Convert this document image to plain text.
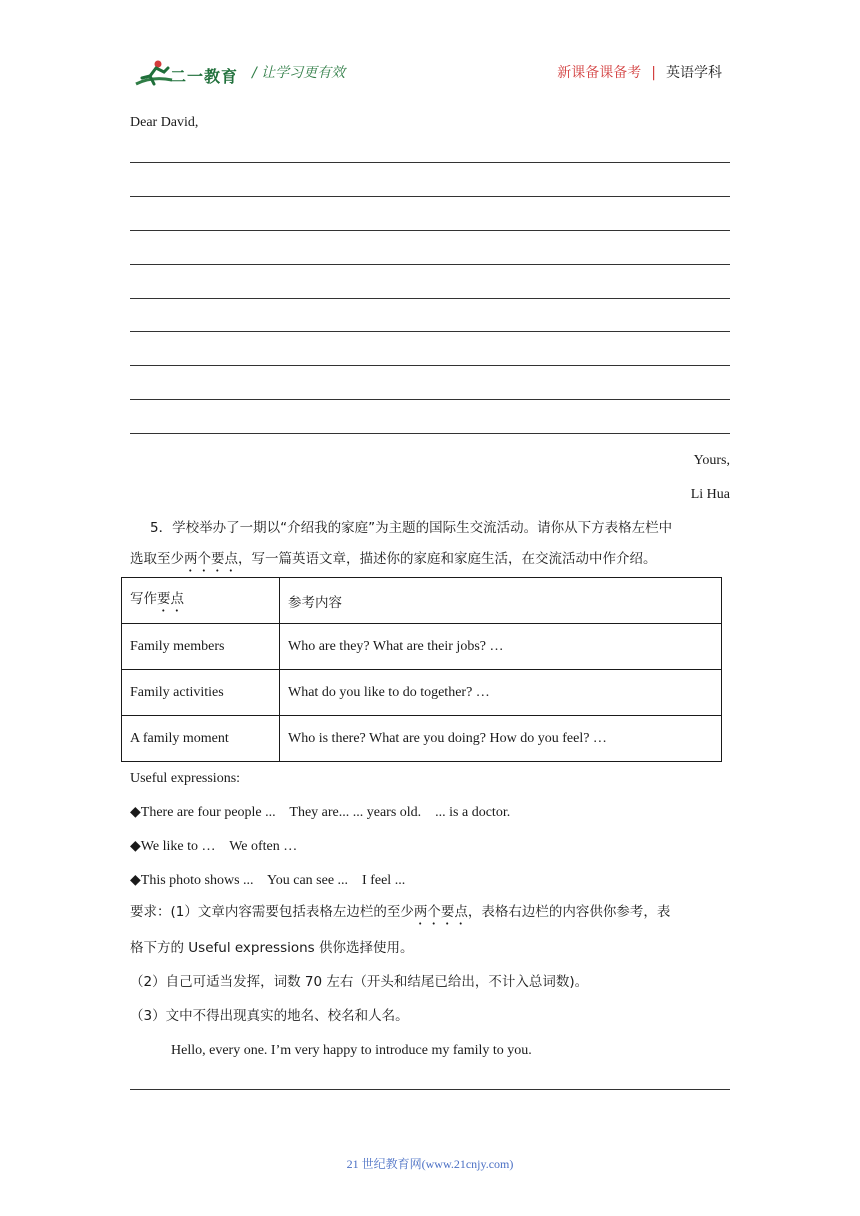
二一教育 / 让学习更有效	新课备课备考 | 英语学科
Dear David,
Yours,
Li Hua
5．学校举办了一期以“介绍我的家庭”为主题的国际生交流活动。请你从下方表格左栏中
选取至少两个要点，写一篇英语文章，描述你的家庭和家庭生活，在交流活动中作介绍。
写作要点	参考内容
Family members	Who are they? What are their jobs? …
Family activities	What do you like to do together? …
A family moment	Who is there? What are you doing? How do you feel? …
Useful expressions:
◆There are four people ...    They are... ... years old.    ... is a doctor.
◆We like to …    We often …
◆This photo shows ...    You can see ...    I feel ...
要求：(1）文章内容需要包括表格左边栏的至少两个要点，表格右边栏的内容供你参考，表
格下方的 Useful expressions 供你选择使用。
（2）自己可适当发挥，词数 70 左右（开头和结尾已给出，不计入总词数)。
（3）文中不得出现真实的地名、校名和人名。
Hello, every one. I’m very happy to introduce my family to you.
21 世纪教育网(www.21cnjy.com)
